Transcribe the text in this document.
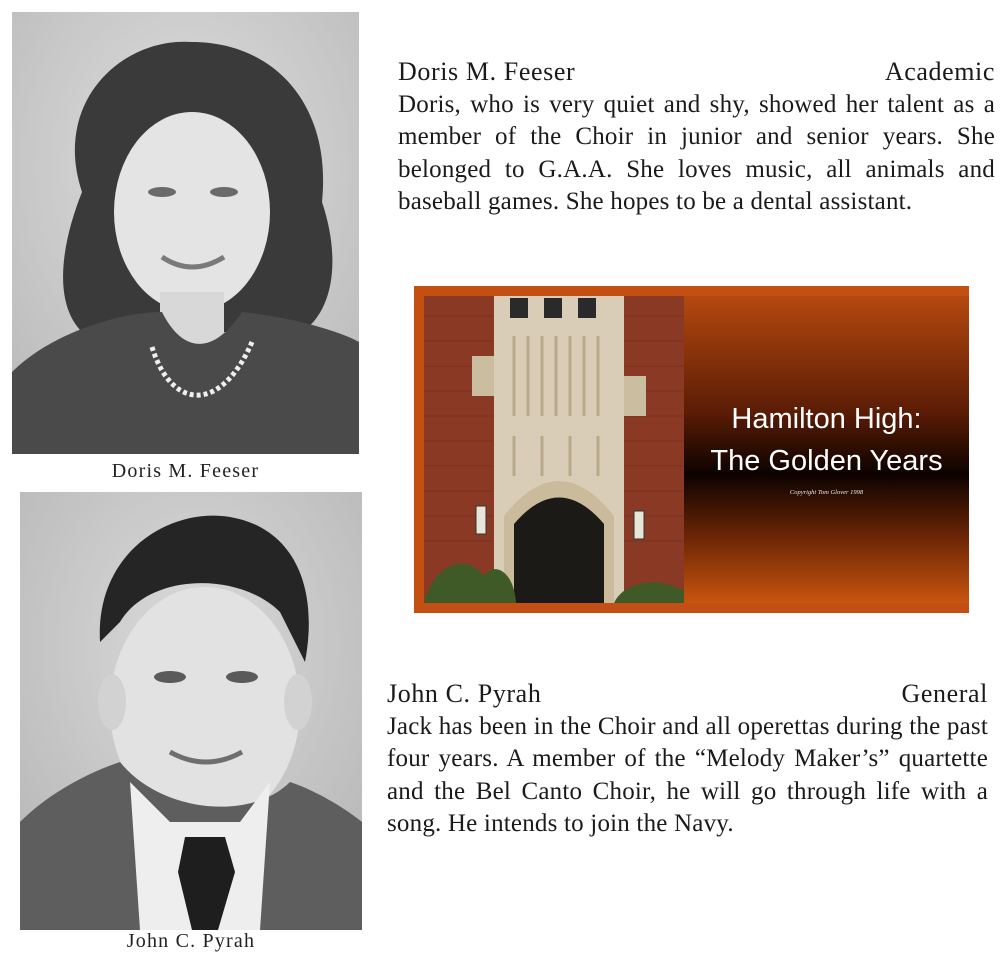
Doris M. Feeser
John C. Pyrah
Doris M. Feeser	Academic
Doris, who is very quiet and shy, showed her talent as a member of the Choir in junior and senior years. She belonged to G.A.A. She loves music, all animals and baseball games. She hopes to be a dental assistant.
Hamilton High:
The Golden Years
Copyright Tom Glover 1998
John C. Pyrah	General
Jack has been in the Choir and all operettas during the past four years. A member of the “Melody Maker’s” quartette and the Bel Canto Choir, he will go through life with a song. He intends to join the Navy.
